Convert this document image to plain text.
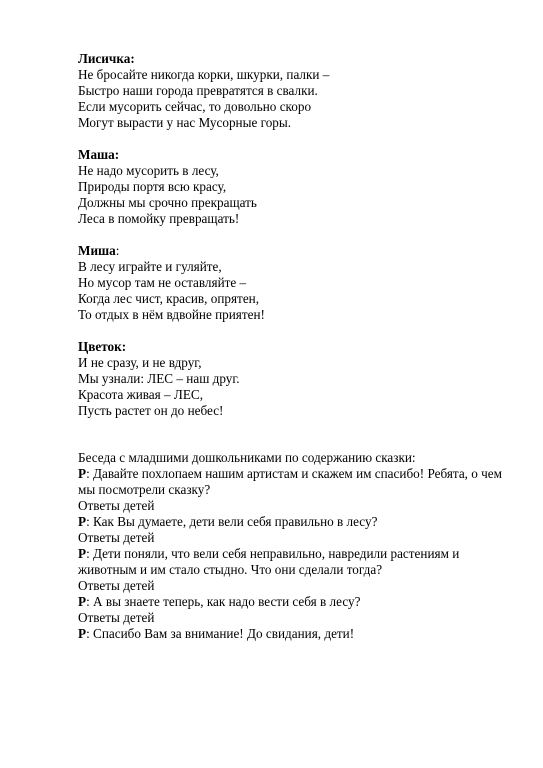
Лисичка:
Не бросайте никогда корки, шкурки, палки –
Быстро наши города превратятся в свалки.
Если мусорить сейчас, то довольно скоро
Могут вырасти у нас Мусорные горы.
Маша:
Не надо мусорить в лесу,
Природы портя всю красу,
Должны мы срочно прекращать
Леса в помойку превращать!
Миша:
В лесу играйте и гуляйте,
Но мусор там не оставляйте –
Когда лес чист, красив, опрятен,
То отдых в нём вдвойне приятен!
Цветок:
И не сразу, и не вдруг,
Мы узнали: ЛЕС – наш друг.
Красота живая – ЛЕС,
Пусть растет он до небес!
Беседа с младшими дошкольниками по содержанию сказки:
Р: Давайте похлопаем нашим артистам и скажем им спасибо! Ребята, о чем мы посмотрели сказку?
Ответы детей
Р: Как Вы думаете, дети вели себя правильно в лесу?
Ответы детей
Р: Дети поняли, что вели себя неправильно, навредили растениям и животным и им стало стыдно. Что они сделали тогда?
Ответы детей
Р: А вы знаете теперь, как надо вести себя в лесу?
Ответы детей
Р: Спасибо Вам за внимание! До свидания, дети!
